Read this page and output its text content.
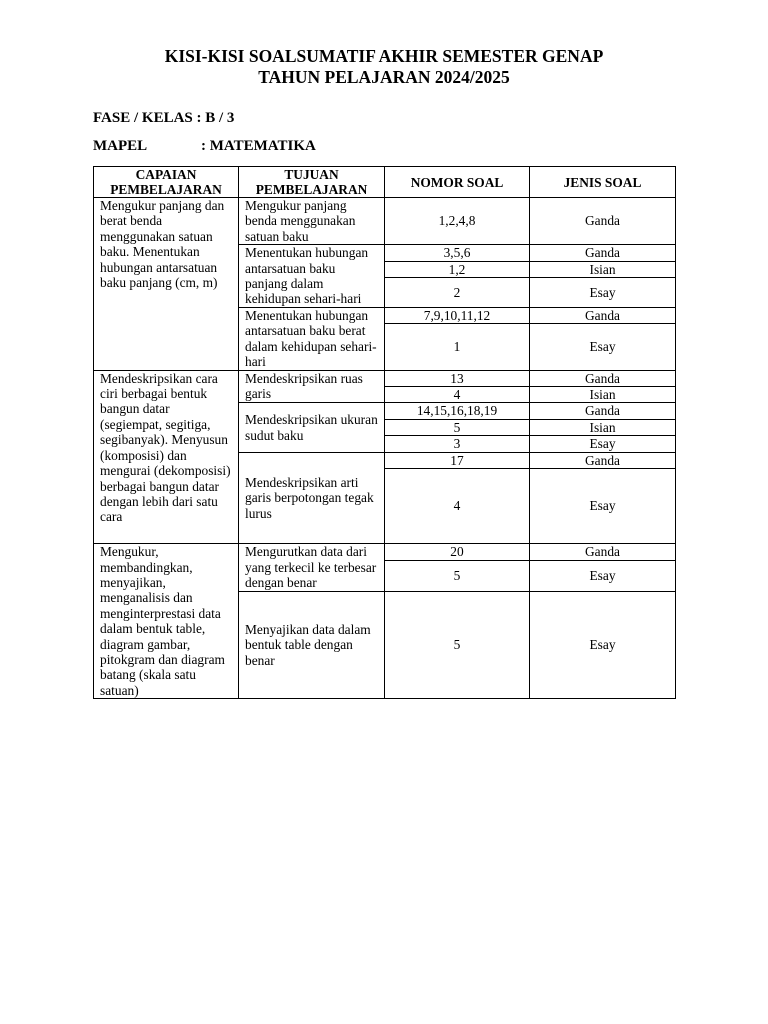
KISI-KISI SOALSUMATIF AKHIR SEMESTER GENAP
TAHUN PELAJARAN 2024/2025
FASE / KELAS : B / 3
MAPEL	: MATEMATIKA
CAPAIAN PEMBELAJARAN	TUJUAN PEMBELAJARAN	NOMOR SOAL	JENIS SOAL
Mengukur panjang dan berat benda menggunakan satuan baku. Menentukan hubungan antarsatuan baku panjang (cm, m)	Mengukur panjang benda menggunakan satuan baku	1,2,4,8	Ganda
	Menentukan hubungan antarsatuan baku panjang dalam kehidupan sehari-hari	3,5,6	Ganda
		1,2	Isian
		2	Esay
	Menentukan hubungan antarsatuan baku berat dalam kehidupan sehari-hari	7,9,10,11,12	Ganda
		1	Esay
Mendeskripsikan cara ciri berbagai bentuk bangun datar (segiempat, segitiga, segibanyak). Menyusun (komposisi) dan mengurai (dekomposisi) berbagai bangun datar dengan lebih dari satu cara	Mendeskripsikan ruas garis	13	Ganda
		4	Isian
	Mendeskripsikan ukuran sudut baku	14,15,16,18,19	Ganda
		5	Isian
		3	Esay
	Mendeskripsikan arti garis berpotongan tegak lurus	17	Ganda
		4	Esay
Mengukur, membandingkan, menyajikan, menganalisis dan menginterprestasi data dalam bentuk table, diagram gambar, pitokgram dan diagram batang (skala satu satuan)	Mengurutkan data dari yang terkecil ke terbesar dengan benar	20	Ganda
		5	Esay
	Menyajikan data dalam bentuk table dengan benar	5	Esay
